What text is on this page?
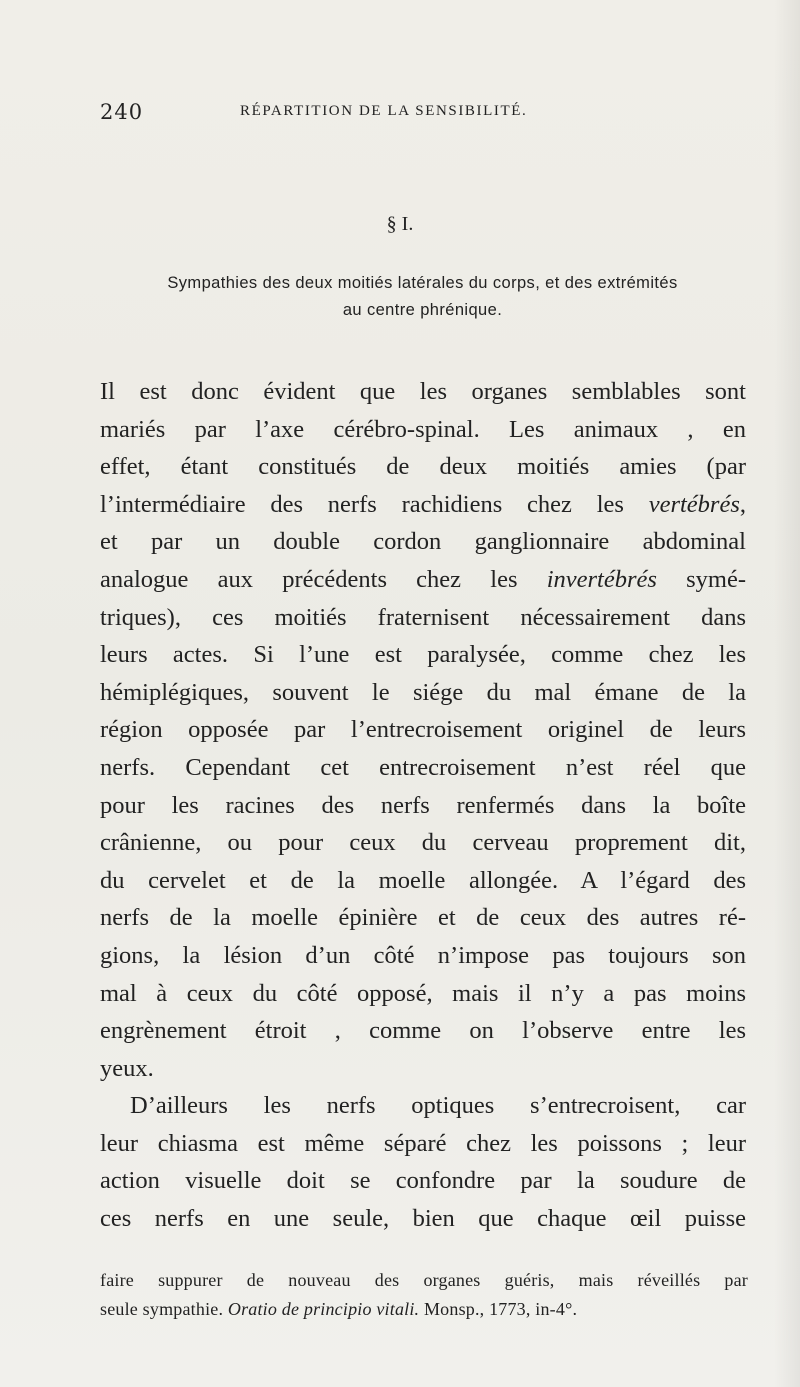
240	RÉPARTITION DE LA SENSIBILITÉ.
§ I.
Sympathies des deux moitiés latérales du corps, et des extrémités
au centre phrénique.
Il est donc évident que les organes semblables sont
mariés par l’axe cérébro-spinal. Les animaux , en
effet, étant constitués de deux moitiés amies (par
l’intermédiaire des nerfs rachidiens chez les vertébrés,
et par un double cordon ganglionnaire abdominal
analogue aux précédents chez les invertébrés symé-
triques), ces moitiés fraternisent nécessairement dans
leurs actes. Si l’une est paralysée, comme chez les
hémiplégiques, souvent le siége du mal émane de la
région opposée par l’entrecroisement originel de leurs
nerfs. Cependant cet entrecroisement n’est réel que
pour les racines des nerfs renfermés dans la boîte
crânienne, ou pour ceux du cerveau proprement dit,
du cervelet et de la moelle allongée. A l’égard des
nerfs de la moelle épinière et de ceux des autres ré-
gions, la lésion d’un côté n’impose pas toujours son
mal à ceux du côté opposé, mais il n’y a pas moins
engrènement étroit , comme on l’observe entre les
yeux.
D’ailleurs les nerfs optiques s’entrecroisent, car
leur chiasma est même séparé chez les poissons ; leur
action visuelle doit se confondre par la soudure de
ces nerfs en une seule, bien que chaque œil puisse
faire suppurer de nouveau des organes guéris, mais réveillés par
seule sympathie. Oratio de principio vitali. Monsp., 1773, in-4°.
